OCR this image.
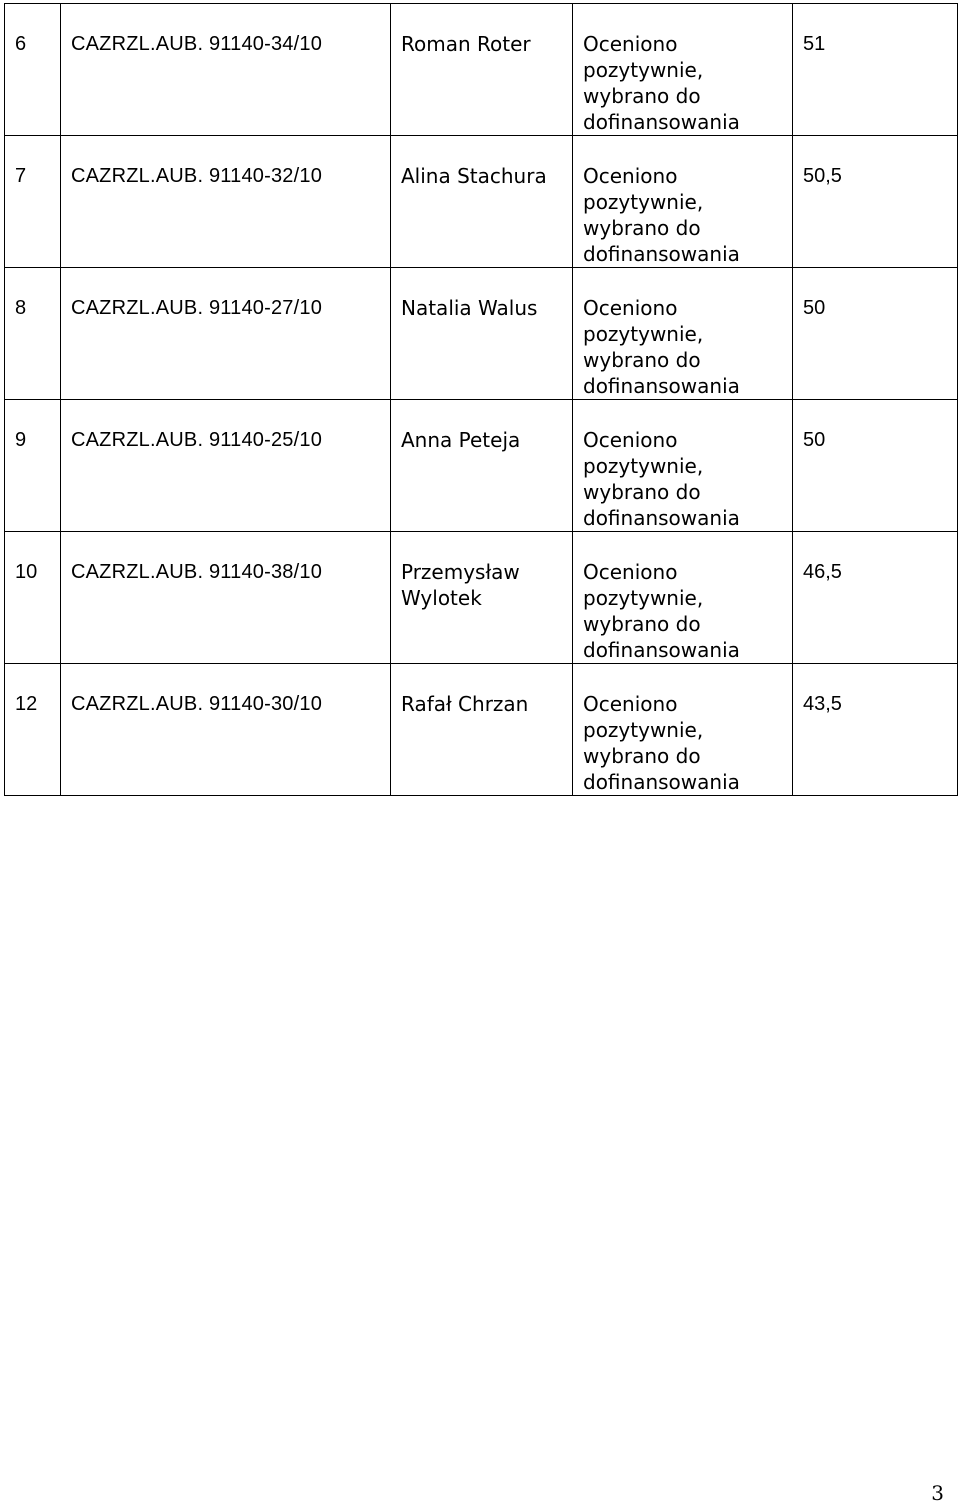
6	CAZRZL.AUB. 91140-34/10	Roman Roter	Oceniono
pozytywnie,
wybrano do
dofinansowania	51
7	CAZRZL.AUB. 91140-32/10	Alina Stachura	Oceniono
pozytywnie,
wybrano do
dofinansowania	50,5
8	CAZRZL.AUB. 91140-27/10	Natalia Walus	Oceniono
pozytywnie,
wybrano do
dofinansowania	50
9	CAZRZL.AUB. 91140-25/10	Anna Peteja	Oceniono
pozytywnie,
wybrano do
dofinansowania	50
10	CAZRZL.AUB. 91140-38/10	Przemysław Wylotek	Oceniono
pozytywnie,
wybrano do
dofinansowania	46,5
12	CAZRZL.AUB. 91140-30/10	Rafał Chrzan	Oceniono
pozytywnie,
wybrano do
dofinansowania	43,5
3
